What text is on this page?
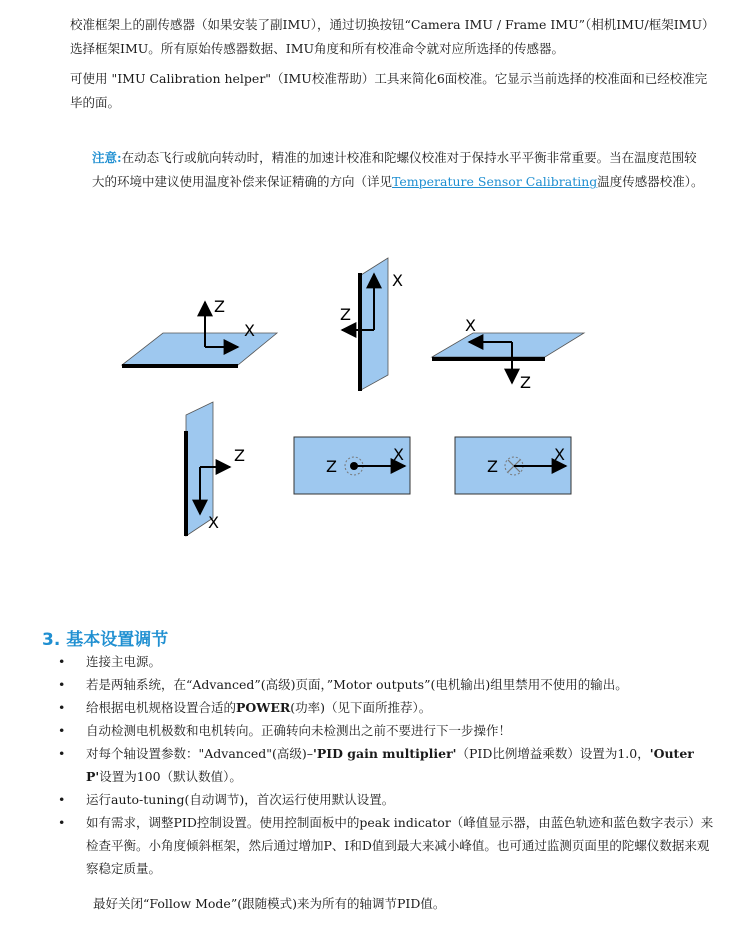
校准框架上的副传感器（如果安装了副IMU），通过切换按钮“Camera IMU / Frame IMU”（相机IMU/框架IMU）选择框架IMU。所有原始传感器数据、IMU角度和所有校准命令就对应所选择的传感器。

可使用 "IMU Calibration helper"（IMU校准帮助）工具来简化6面校准。它显示当前选择的校准面和已经校准完毕的面。

注意:在动态飞行或航向转动时，精准的加速计校准和陀螺仪校准对于保持水平平衡非常重要。当在温度范围较大的环境中建议使用温度补偿来保证精确的方向（详见Temperature Sensor Calibrating温度传感器校准）。

Z
X
X
Z
X
Z
Z
X
Z
X
Z
X
3. 基本设置调节
• 连接主电源。
• 若是两轴系统，在“Advanced”(高级)页面，”Motor outputs”(电机输出)组里禁用不使用的输出。
• 给根据电机规格设置合适的POWER(功率)（见下面所推荐）。
• 自动检测电机极数和电机转向。正确转向未检测出之前不要进行下一步操作！
• 对每个轴设置参数："Advanced"(高级)–'PID gain multiplier'（PID比例增益乘数）设置为1.0，'Outer P'设置为100（默认数值）。
• 运行auto-tuning(自动调节)，首次运行使用默认设置。
• 如有需求，调整PID控制设置。使用控制面板中的peak indicator（峰值显示器，由蓝色轨迹和蓝色数字表示）来检查平衡。小角度倾斜框架，然后通过增加P、I和D值到最大来减小峰值。也可通过监测页面里的陀螺仪数据来观察稳定质量。

最好关闭“Follow Mode”(跟随模式)来为所有的轴调节PID值。
